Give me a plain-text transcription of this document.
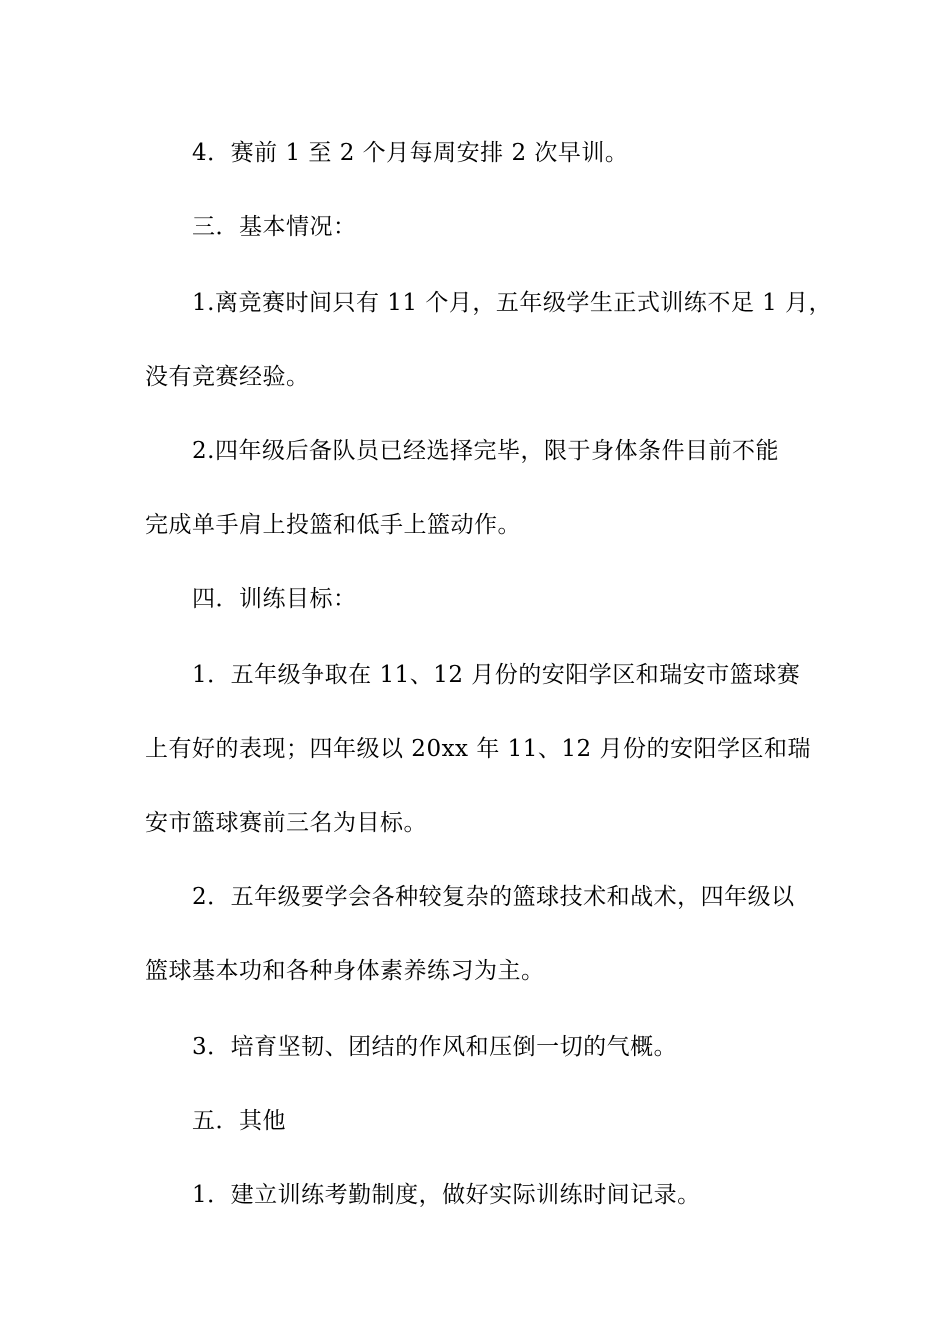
4．赛前 1 至 2 个月每周安排 2 次早训。
三．基本情况：
1.离竞赛时间只有 11 个月，五年级学生正式训练不足 1 月，
没有竞赛经验。
2.四年级后备队员已经选择完毕，限于身体条件目前不能
完成单手肩上投篮和低手上篮动作。
四．训练目标：
1．五年级争取在 11、12 月份的安阳学区和瑞安市篮球赛
上有好的表现；四年级以 20xx 年 11、12 月份的安阳学区和瑞
安市篮球赛前三名为目标。
2．五年级要学会各种较复杂的篮球技术和战术，四年级以
篮球基本功和各种身体素养练习为主。
3．培育坚韧、团结的作风和压倒一切的气概。
五．其他
1．建立训练考勤制度，做好实际训练时间记录。
